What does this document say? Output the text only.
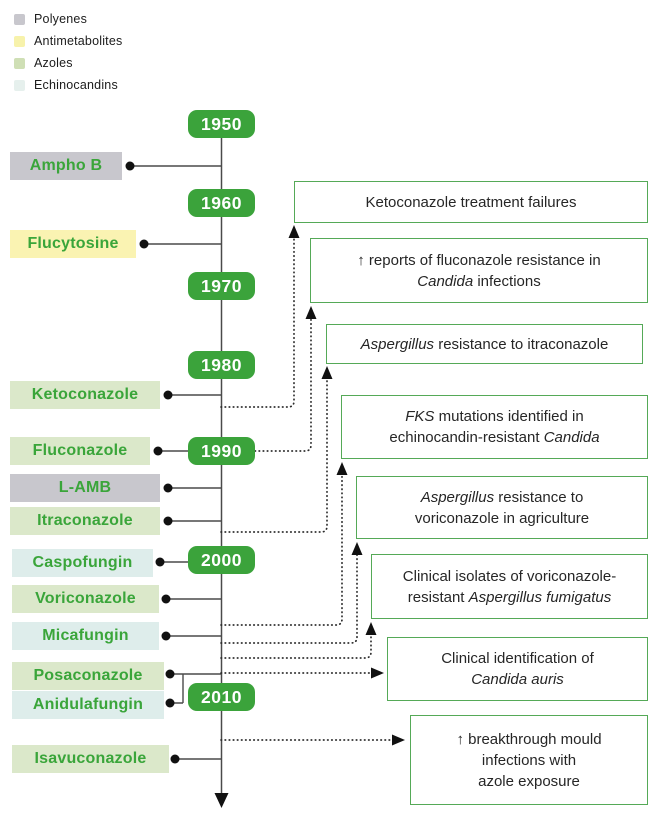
Polyenes
Antimetabolites
Azoles
Echinocandins
1950
1960
1970
1980
1990
2000
2010
Ampho B
Flucytosine
Ketoconazole
Fluconazole
L-AMB
Itraconazole
Caspofungin
Voriconazole
Micafungin
Posaconazole
Anidulafungin
Isavuconazole
Ketoconazole treatment failures
↑ reports of fluconazole resistance in
Candida infections
Aspergillus resistance to itraconazole
FKS mutations identified in
echinocandin-resistant Candida
Aspergillus resistance to
voriconazole in agriculture
Clinical isolates of voriconazole-
resistant Aspergillus fumigatus
Clinical identification of
Candida auris
↑ breakthrough mould
infections with
azole exposure
